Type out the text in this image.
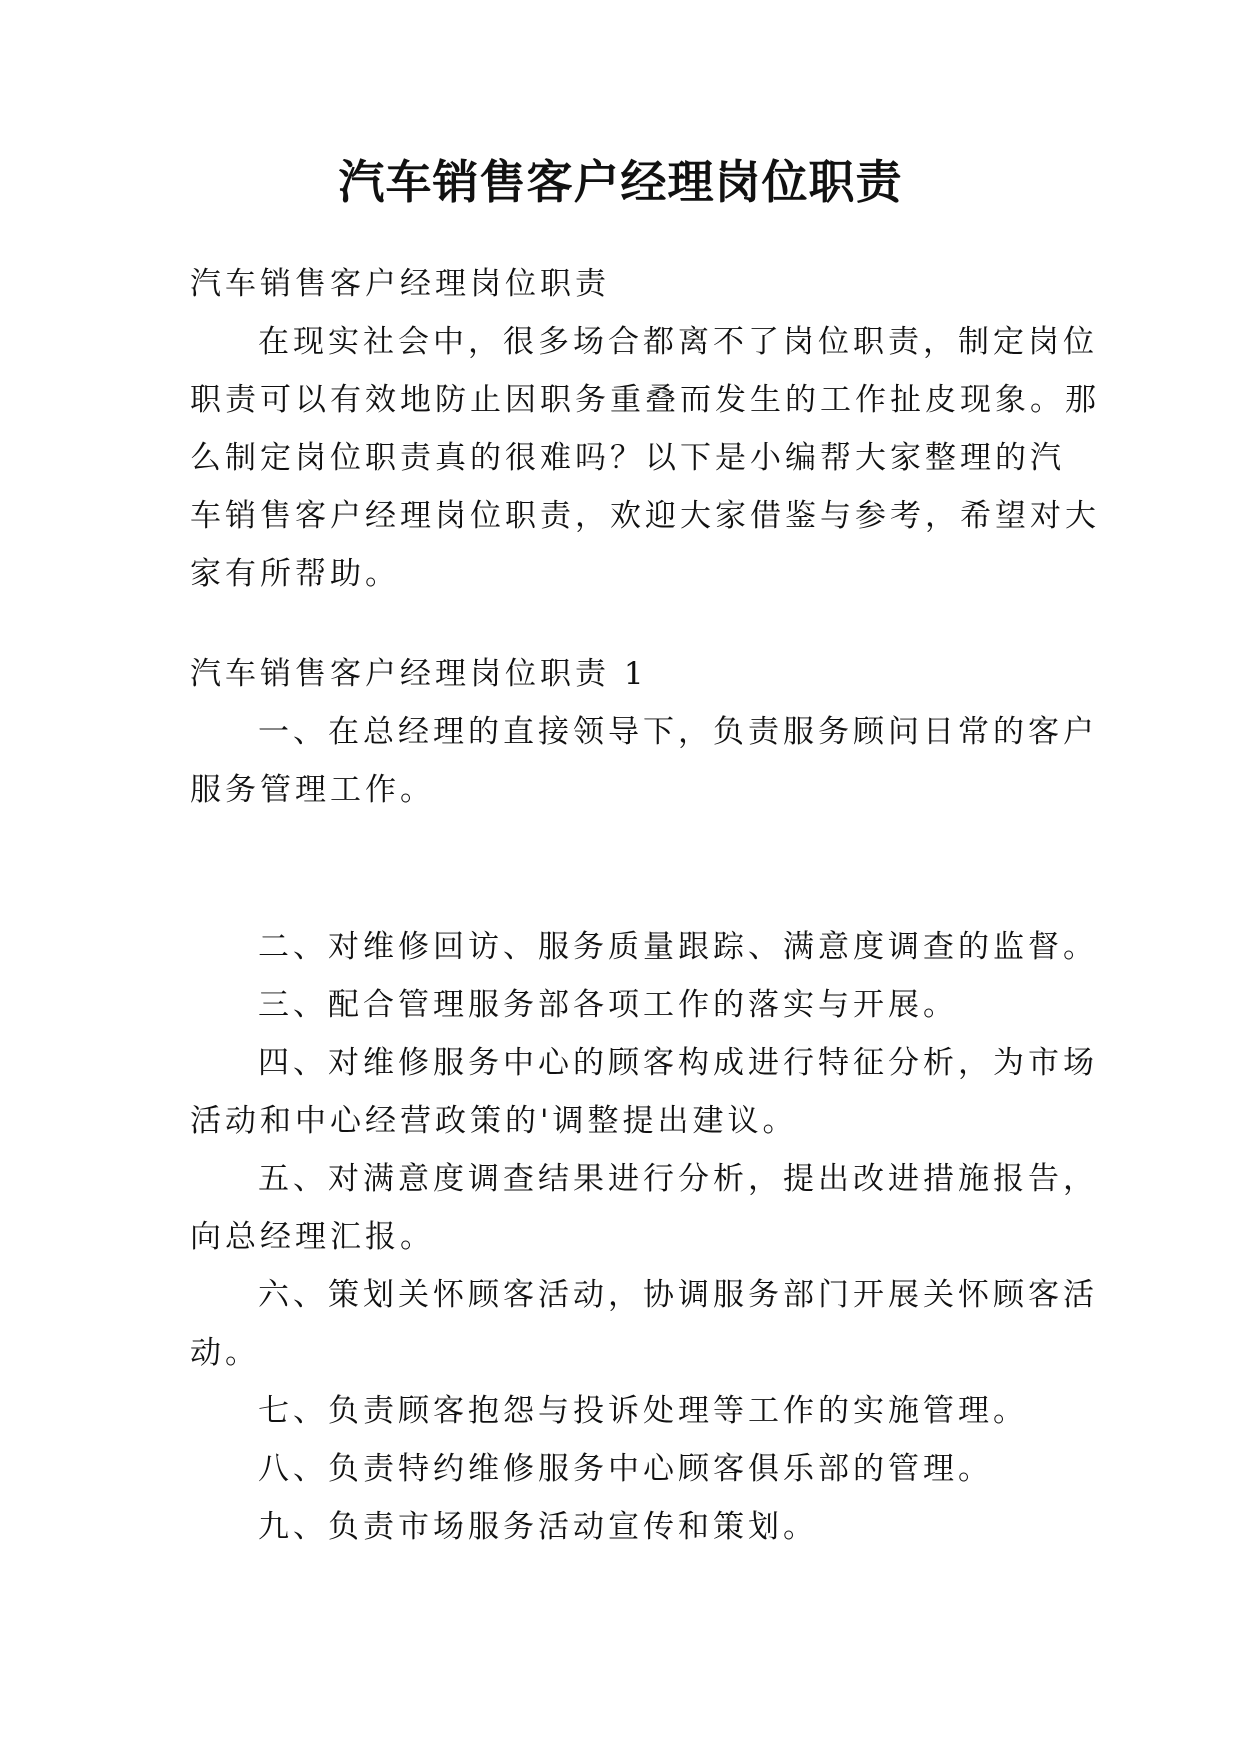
汽车销售客户经理岗位职责
汽车销售客户经理岗位职责
在现实社会中，很多场合都离不了岗位职责，制定岗位
职责可以有效地防止因职务重叠而发生的工作扯皮现象。那
么制定岗位职责真的很难吗？以下是小编帮大家整理的汽
车销售客户经理岗位职责，欢迎大家借鉴与参考，希望对大
家有所帮助。
汽车销售客户经理岗位职责 1
一、在总经理的直接领导下，负责服务顾问日常的客户
服务管理工作。
二、对维修回访、服务质量跟踪、满意度调查的监督。
三、配合管理服务部各项工作的落实与开展。
四、对维修服务中心的顾客构成进行特征分析，为市场
活动和中心经营政策的'调整提出建议。
五、对满意度调查结果进行分析，提出改进措施报告，
向总经理汇报。
六、策划关怀顾客活动，协调服务部门开展关怀顾客活
动。
七、负责顾客抱怨与投诉处理等工作的实施管理。
八、负责特约维修服务中心顾客俱乐部的管理。
九、负责市场服务活动宣传和策划。
